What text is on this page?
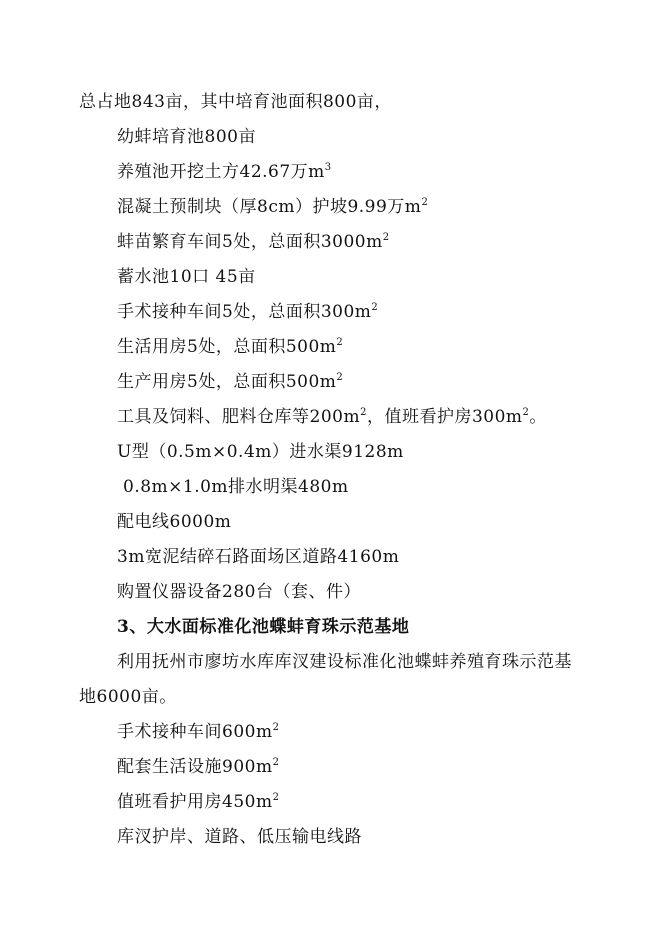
总占地843亩，其中培育池面积800亩，
幼蚌培育池800亩
养殖池开挖土方42.67万$m^3$
混凝土预制块（厚8cm）护坡9.99万$m^2$
蚌苗繁育车间5处，总面积$3000m^2$
蓄水池10口 45亩
手术接种车间5处，总面积$300m^2$
生活用房5处，总面积$500m^2$
生产用房5处，总面积$500m^2$
工具及饲料、肥料仓库等$200m^2$，值班看护房$300m^2$。
U型（0.5m×0.4m）进水渠9128m
0.8m×1.0m排水明渠480m
配电线6000m
3m宽泥结碎石路面场区道路4160m
购置仪器设备280台（套、件）
3、大水面标准化池蝶蚌育珠示范基地
利用抚州市廖坊水库库汊建设标准化池蝶蚌养殖育珠示范基
地6000亩。
手术接种车间$600m^2$
配套生活设施$900m^2$
值班看护用房$450m^2$
库汊护岸、道路、低压输电线路
